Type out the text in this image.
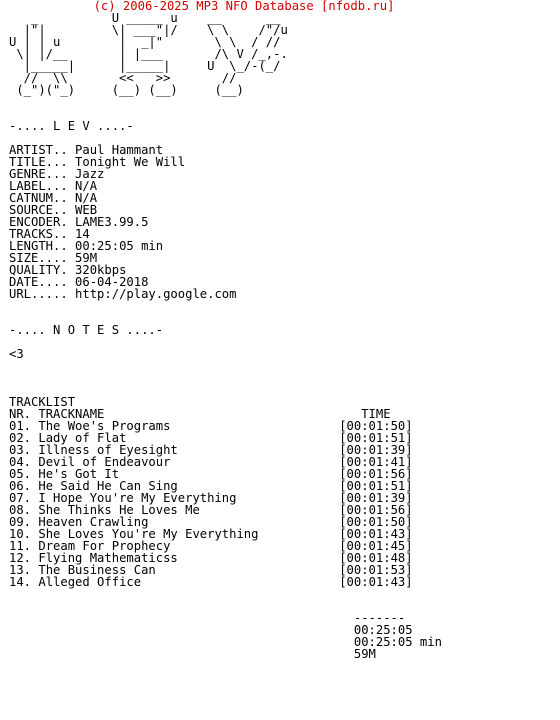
(c) 2006-2025 MP3 NFO Database [nfodb.ru]
_          U _____ u    __      __
|"|         \| ___"|/    \ \    /"/u
U | | u        |  _|"       \ \  / //
\| |/__       | |___       /\ V /_,-.
|_____|      |_____|     U  \_/-(_/
//  \\       <<   >>       //
(_")("_)     (__) (__)     (__)
-.... L E V ....-
ARTIST.. Paul Hammant
TITLE... Tonight We Will
GENRE... Jazz
LABEL... N/A
CATNUM.. N/A
SOURCE.. WEB
ENCODER. LAME3.99.5
TRACKS.. 14
LENGTH.. 00:25:05 min
SIZE.... 59M
QUALITY. 320kbps
DATE.... 06-04-2018
URL..... http://play.google.com
-.... N O T E S ....-
<3
TRACKLIST
NR. TRACKNAME	TIME
01. The Woe's Programs	[00:01:50]
02. Lady of Flat	[00:01:51]
03. Illness of Eyesight	[00:01:39]
04. Devil of Endeavour	[00:01:41]
05. He's Got It	[00:01:56]
06. He Said He Can Sing	[00:01:51]
07. I Hope You're My Everything	[00:01:39]
08. She Thinks He Loves Me	[00:01:56]
09. Heaven Crawling	[00:01:50]
10. She Loves You're My Everything	[00:01:43]
11. Dream For Prophecy	[00:01:45]
12. Flying Mathematicss	[00:01:48]
13. The Business Can	[00:01:53]
14. Alleged Office	[00:01:43]
-------
00:25:05
00:25:05 min
59M
